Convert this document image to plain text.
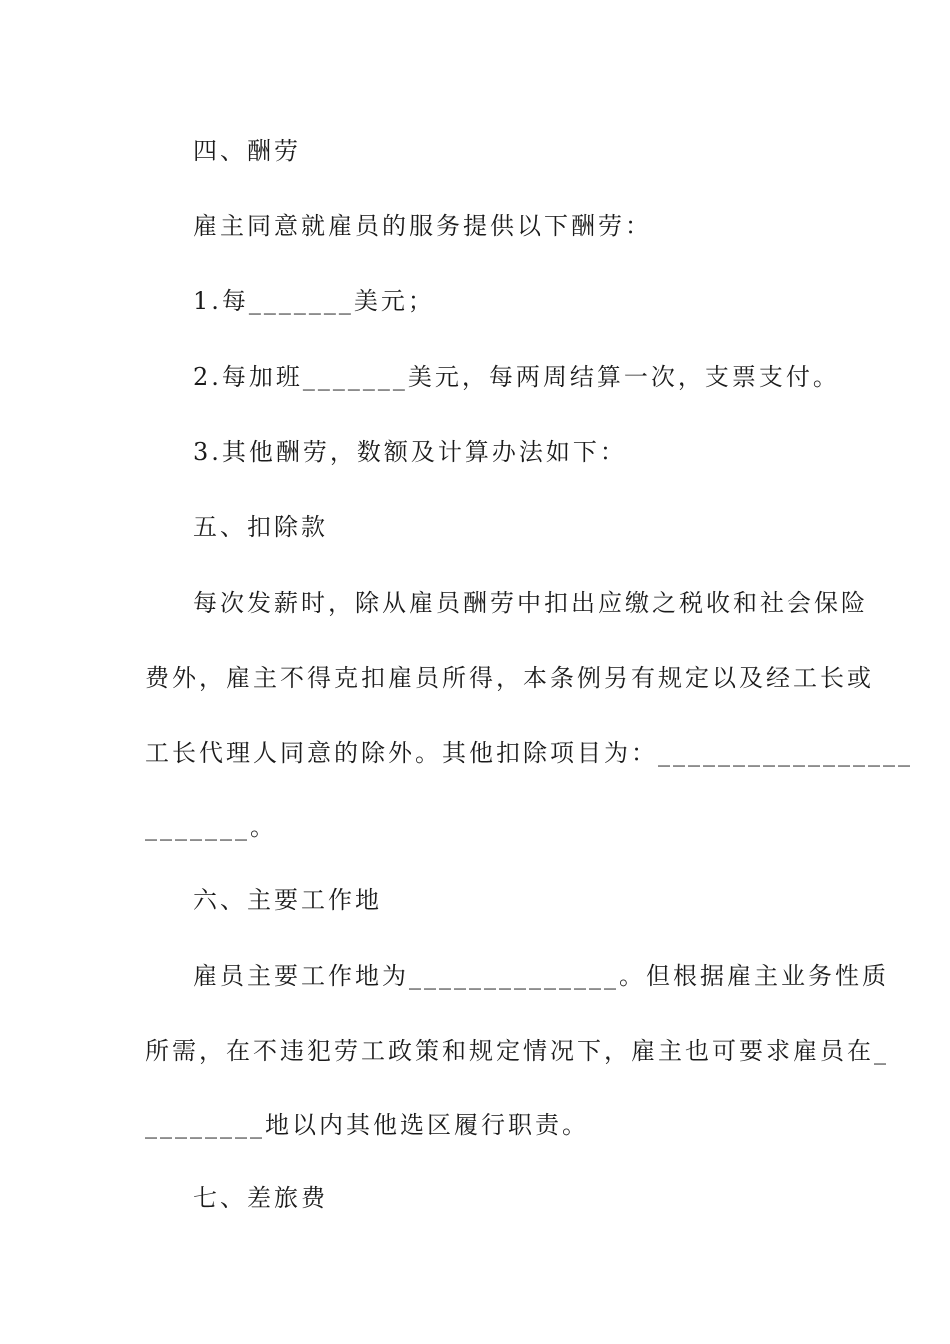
四、酬劳
雇主同意就雇员的服务提供以下酬劳：
1.每_______美元；
2.每加班_______美元，每两周结算一次，支票支付。
3.其他酬劳，数额及计算办法如下：
五、扣除款
每次发薪时，除从雇员酬劳中扣出应缴之税收和社会保险
费外，雇主不得克扣雇员所得，本条例另有规定以及经工长或
工长代理人同意的除外。其他扣除项目为：_________________
_______。
六、主要工作地
雇员主要工作地为______________。但根据雇主业务性质
所需，在不违犯劳工政策和规定情况下，雇主也可要求雇员在_
________地以内其他选区履行职责。
七、差旅费
